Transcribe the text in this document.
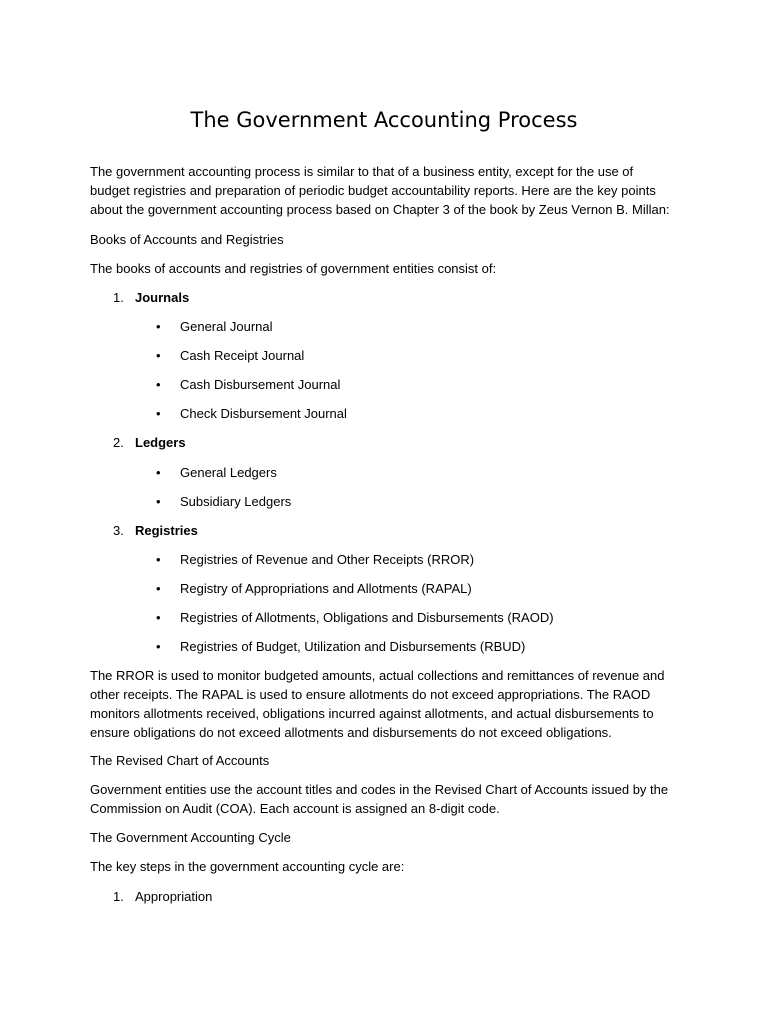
The Government Accounting Process

The government accounting process is similar to that of a business entity, except for the use of budget registries and preparation of periodic budget accountability reports. Here are the key points about the government accounting process based on Chapter 3 of the book by Zeus Vernon B. Millan:

Books of Accounts and Registries

The books of accounts and registries of government entities consist of:

1. Journals

• General Journal

• Cash Receipt Journal

• Cash Disbursement Journal

• Check Disbursement Journal

2. Ledgers

• General Ledgers

• Subsidiary Ledgers

3. Registries

• Registries of Revenue and Other Receipts (RROR)

• Registry of Appropriations and Allotments (RAPAL)

• Registries of Allotments, Obligations and Disbursements (RAOD)

• Registries of Budget, Utilization and Disbursements (RBUD)

The RROR is used to monitor budgeted amounts, actual collections and remittances of revenue and other receipts. The RAPAL is used to ensure allotments do not exceed appropriations. The RAOD monitors allotments received, obligations incurred against allotments, and actual disbursements to ensure obligations do not exceed allotments and disbursements do not exceed obligations.

The Revised Chart of Accounts

Government entities use the account titles and codes in the Revised Chart of Accounts issued by the Commission on Audit (COA). Each account is assigned an 8-digit code.

The Government Accounting Cycle

The key steps in the government accounting cycle are:

1. Appropriation
